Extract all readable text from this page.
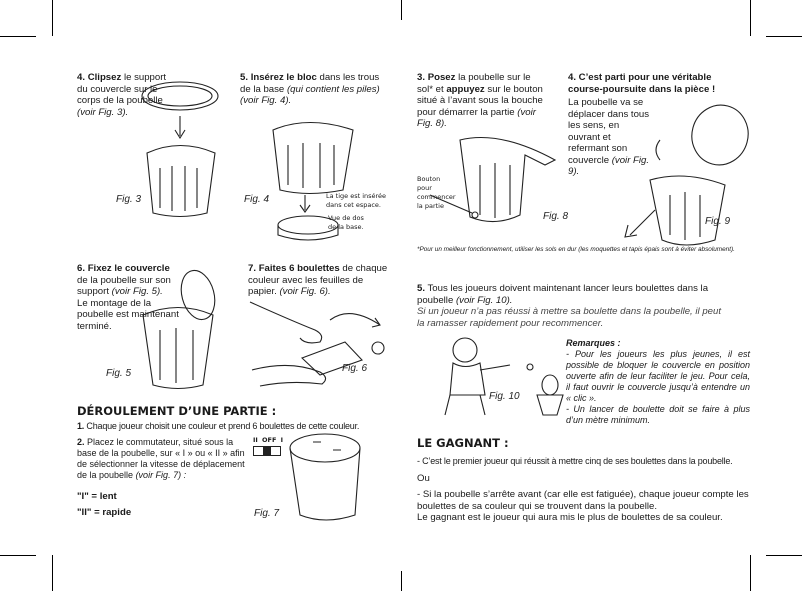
4. Clipsez le support du couvercle sur le corps de la poubelle (voir Fig. 3).
Fig. 3
5. Insérez le bloc dans les trous de la base (qui contient les piles) (voir Fig. 4).
Fig. 4	La tige est insérée dans cet espace.
Vue de dos de la base.
6. Fixez le couvercle de la poubelle sur son support (voir Fig. 5).
Le montage de la poubelle est maintenant terminé.
Fig. 5
7. Faites 6 boulettes de chaque couleur avec les feuilles de papier. (voir Fig. 6).
Fig. 6
DÉROULEMENT D’UNE PARTIE :
1. Chaque joueur choisit une couleur et prend 6 boulettes de cette couleur.
2. Placez le commutateur, situé sous la base de la poubelle, sur « I » ou « II » afin de sélectionner la vitesse de déplacement de la poubelle (voir Fig. 7) :
"I" = lent
"II" = rapide
II OFF I
Fig. 7
3. Posez la poubelle sur le sol* et appuyez sur le bouton situé à l’avant sous la bouche pour démarrer la partie (voir Fig. 8).
Bouton pour commencer la partie
Fig. 8
4. C’est parti pour une véritable course-poursuite dans la pièce !
La poubelle va se déplacer dans tous les sens, en ouvrant et refermant son couvercle (voir Fig. 9).
Fig. 9
*Pour un meilleur fonctionnement, utiliser les sols en dur (les moquettes et tapis épais sont à éviter absolument).
5. Tous les joueurs doivent maintenant lancer leurs boulettes dans la poubelle (voir Fig. 10).
Si un joueur n’a pas réussi à mettre sa boulette dans la poubelle, il peut la ramasser rapidement pour recommencer.
Fig. 10
Remarques :
- Pour les joueurs les plus jeunes, il est possible de bloquer le couvercle en position ouverte afin de leur faciliter le jeu. Pour cela, il faut ouvrir le couvercle jusqu’à entendre un « clic ».
- Un lancer de boulette doit se faire à plus d’un mètre minimum.
LE GAGNANT :
- C’est le premier joueur qui réussit à mettre cinq de ses boulettes dans la poubelle.
Ou
- Si la poubelle s’arrête avant (car elle est fatiguée), chaque joueur compte les boulettes de sa couleur qui se trouvent dans la poubelle.
Le gagnant est le joueur qui aura mis le plus de boulettes de sa couleur.
